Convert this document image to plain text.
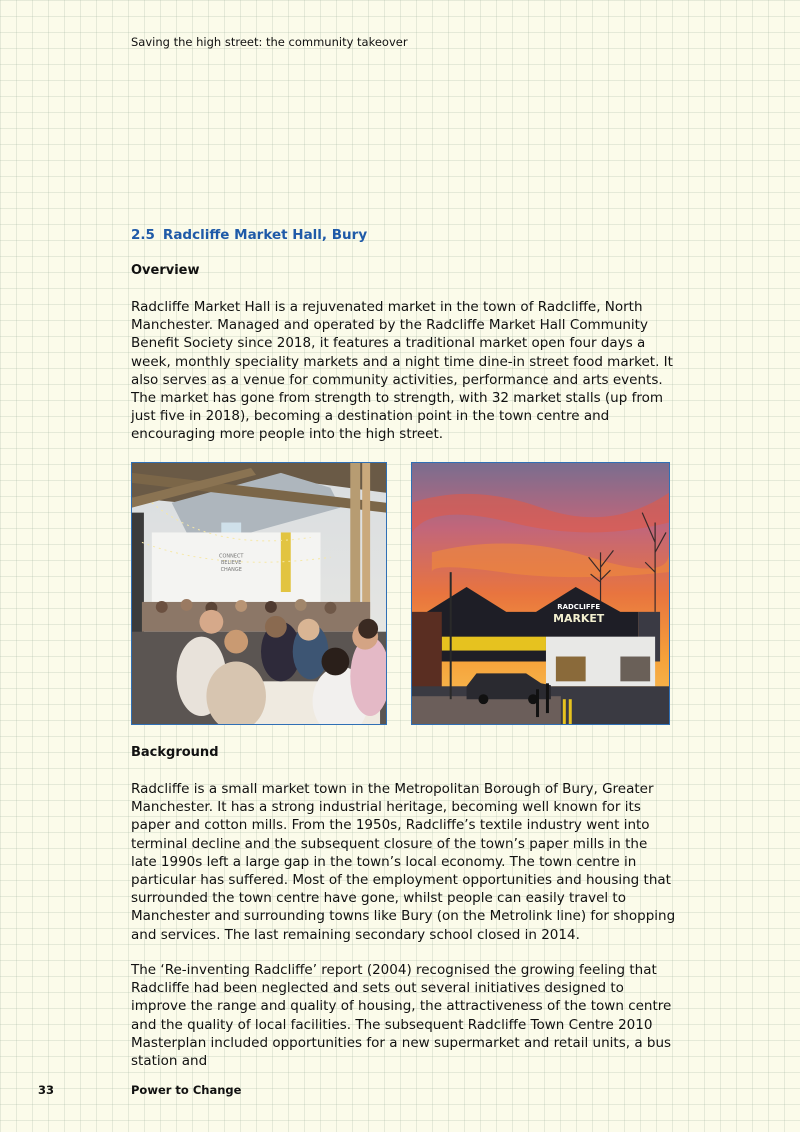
Saving the high street: the community takeover
2.5 Radcliffe Market Hall, Bury
Overview

Radcliffe Market Hall is a rejuvenated market in the town of Radcliffe, North Manchester. Managed and operated by the Radcliffe Market Hall Community Benefit Society since 2018, it features a traditional market open four days a week, monthly speciality markets and a night time dine-in street food market. It also serves as a venue for community activities, performance and arts events. The market has gone from strength to strength, with 32 market stalls (up from just five in 2018), becoming a destination point in the town centre and encouraging more people into the high street.

CONNECT
BELIEVE
CHANGE
RADCLIFFE
MARKET
Background

Radcliffe is a small market town in the Metropolitan Borough of Bury, Greater Manchester. It has a strong industrial heritage, becoming well known for its paper and cotton mills. From the 1950s, Radcliffe’s textile industry went into terminal decline and the subsequent closure of the town’s paper mills in the late 1990s left a large gap in the town’s local economy. The town centre in particular has suffered. Most of the employment opportunities and housing that surrounded the town centre have gone, whilst people can easily travel to Manchester and surrounding towns like Bury (on the Metrolink line) for shopping and services. The last remaining secondary school closed in 2014.

The ‘Re-inventing Radcliffe’ report (2004) recognised the growing feeling that Radcliffe had been neglected and sets out several initiatives designed to improve the range and quality of housing, the attractiveness of the town centre and the quality of local facilities. The subsequent Radcliffe Town Centre 2010 Masterplan included opportunities for a new supermarket and retail units, a bus station and

33	Power to Change
